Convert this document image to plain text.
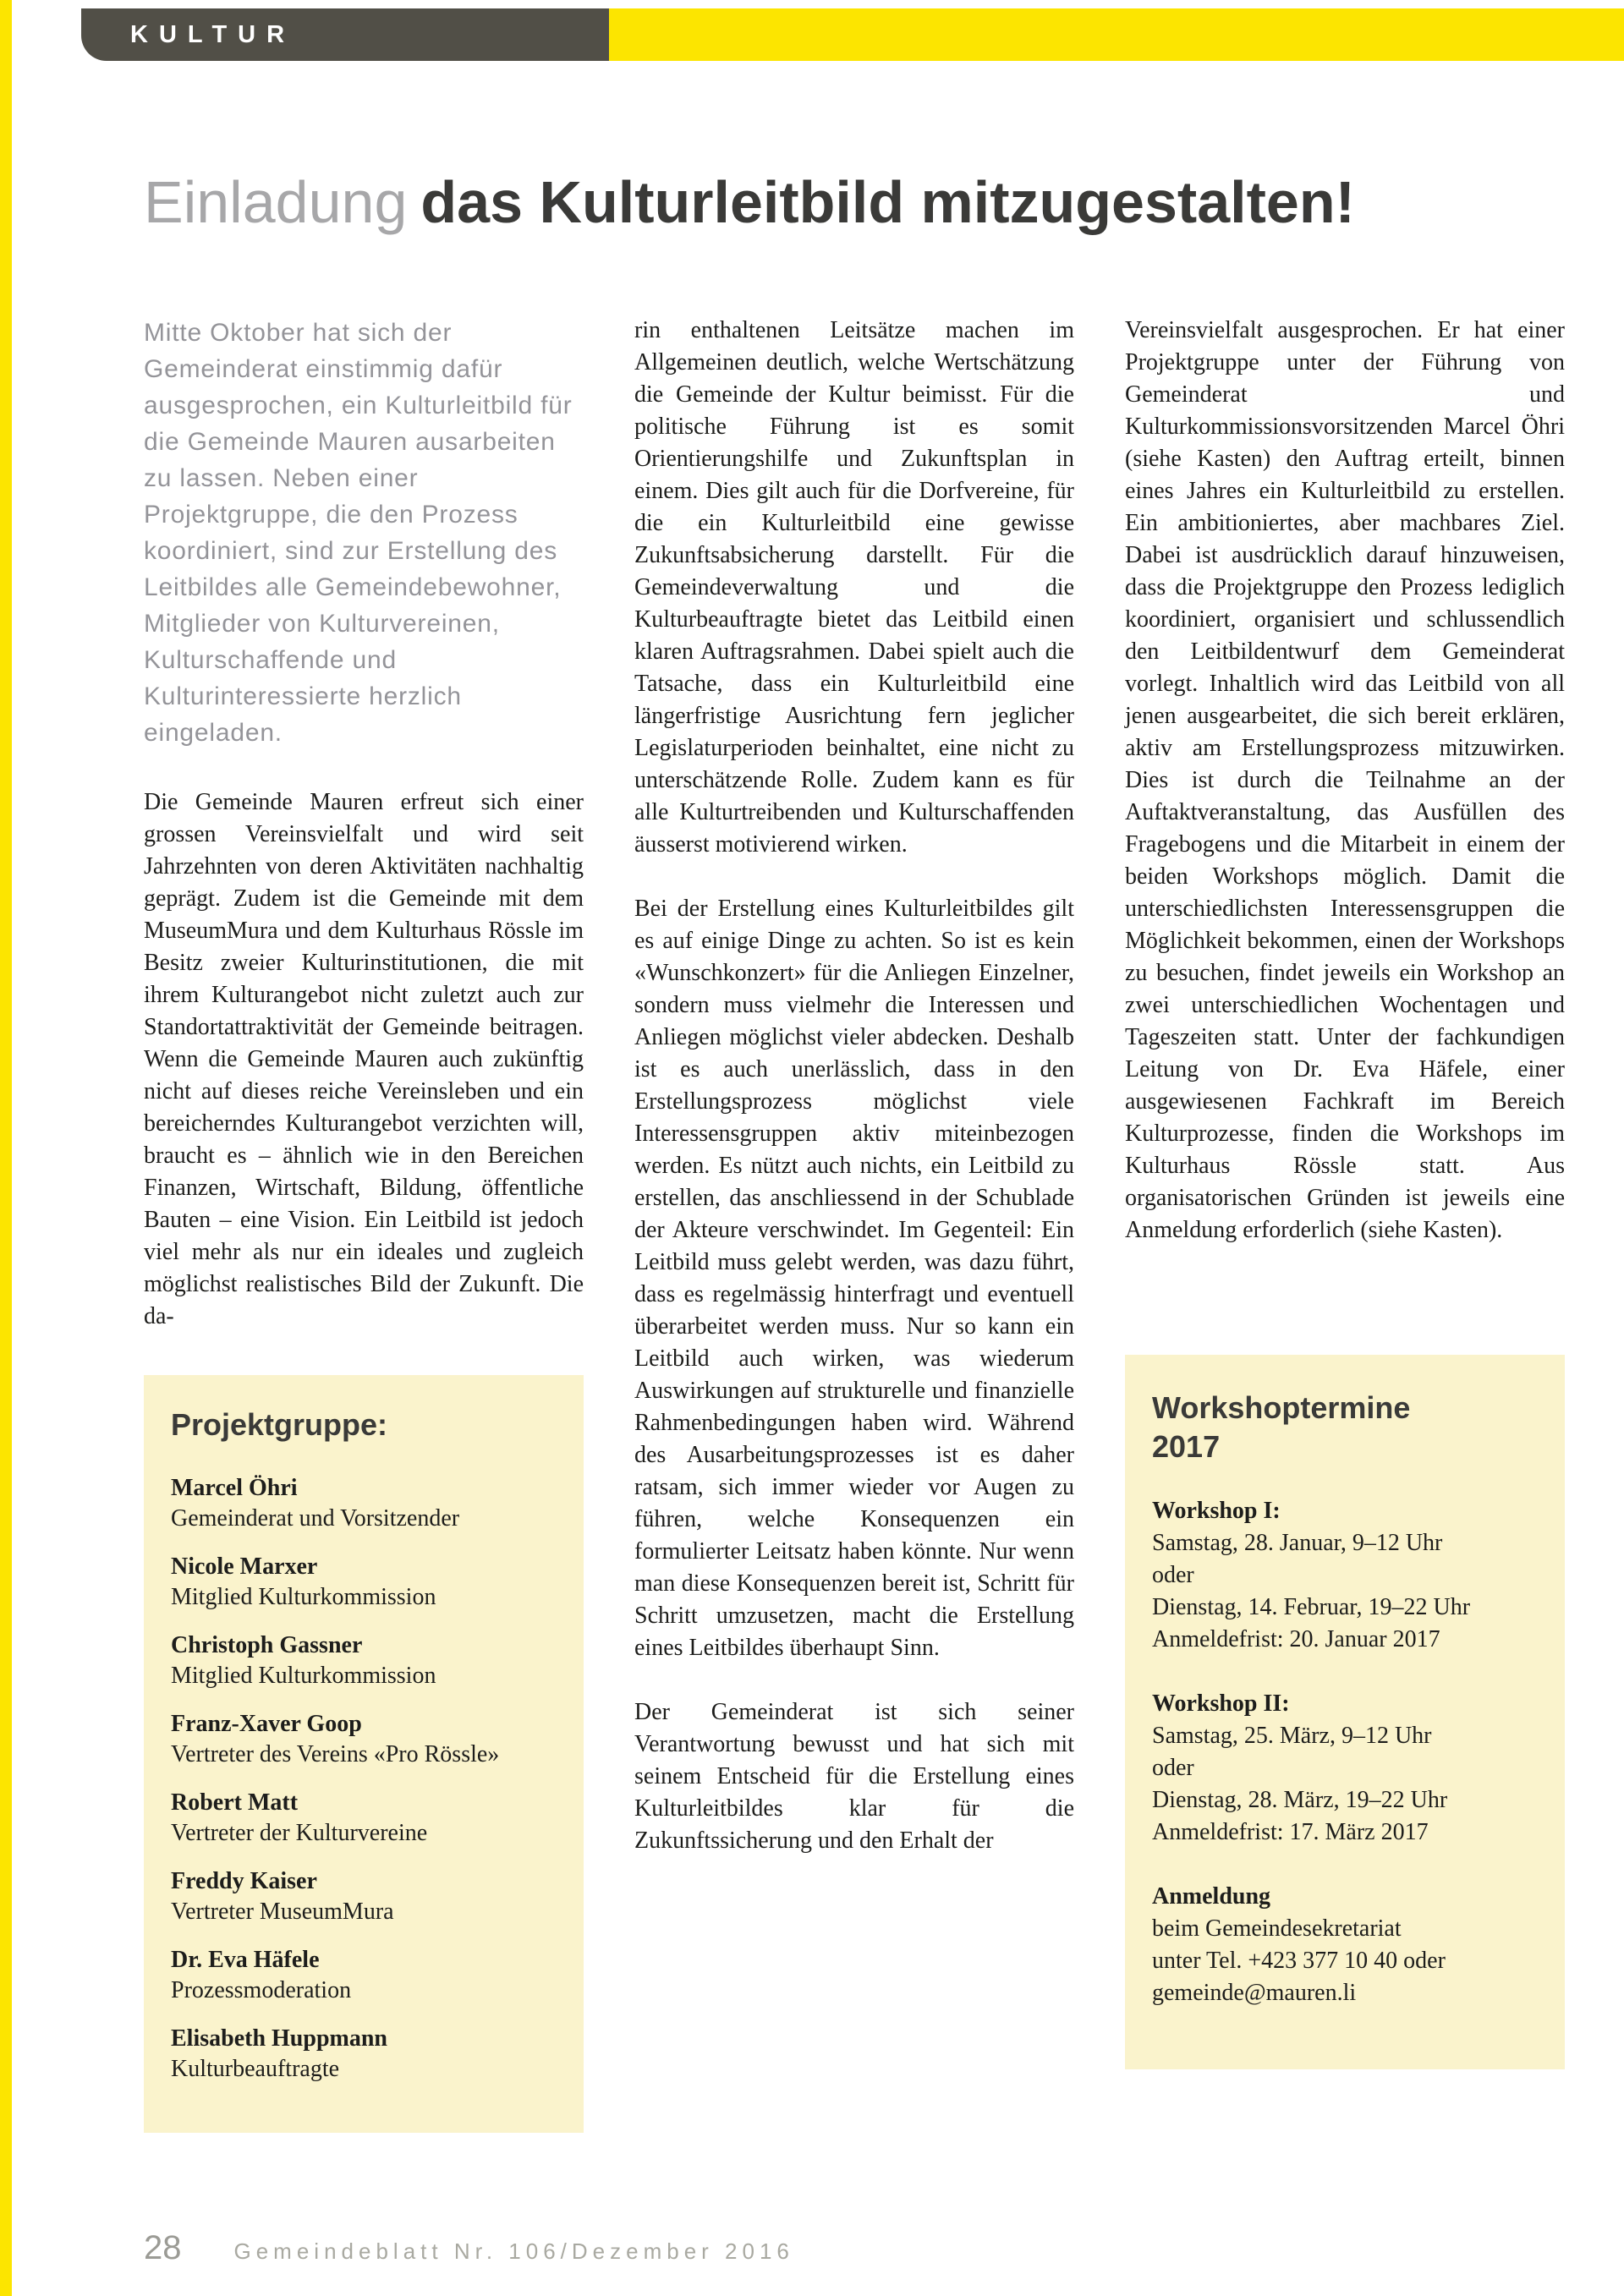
KULTUR
Einladung das Kulturleitbild mitzugestalten!

Mitte Oktober hat sich der Gemeinderat einstimmig dafür ausgesprochen, ein Kulturleitbild für die Gemeinde Mauren ausarbeiten zu lassen. Neben einer Projektgruppe, die den Prozess koordiniert, sind zur Erstellung des Leitbildes alle Gemeindebewohner, Mitglieder von Kulturvereinen, Kulturschaffende und Kulturinteressierte herzlich eingeladen.

Die Gemeinde Mauren erfreut sich einer grossen Vereinsvielfalt und wird seit Jahrzehnten von deren Aktivitäten nachhaltig geprägt. Zudem ist die Gemeinde mit dem MuseumMura und dem Kulturhaus Rössle im Besitz zweier Kulturinstitutionen, die mit ihrem Kulturangebot nicht zuletzt auch zur Standortattraktivität der Gemeinde beitragen. Wenn die Gemeinde Mauren auch zukünftig nicht auf dieses reiche Vereinsleben und ein bereicherndes Kulturangebot verzichten will, braucht es – ähnlich wie in den Bereichen Finanzen, Wirtschaft, Bildung, öffentliche Bauten – eine Vision. Ein Leitbild ist jedoch viel mehr als nur ein ideales und zugleich möglichst realistisches Bild der Zukunft. Die da-

Projektgruppe:
Marcel Öhri
Gemeinderat und Vorsitzender
Nicole Marxer
Mitglied Kulturkommission
Christoph Gassner
Mitglied Kulturkommission
Franz-Xaver Goop
Vertreter des Vereins «Pro Rössle»
Robert Matt
Vertreter der Kulturvereine
Freddy Kaiser
Vertreter MuseumMura
Dr. Eva Häfele
Prozessmoderation
Elisabeth Huppmann
Kulturbeauftragte

rin enthaltenen Leitsätze machen im Allgemeinen deutlich, welche Wertschätzung die Gemeinde der Kultur beimisst. Für die politische Führung ist es somit Orientierungshilfe und Zukunftsplan in einem. Dies gilt auch für die Dorfvereine, für die ein Kulturleitbild eine gewisse Zukunftsabsicherung darstellt. Für die Gemeindeverwaltung und die Kulturbeauftragte bietet das Leitbild einen klaren Auftragsrahmen. Dabei spielt auch die Tatsache, dass ein Kulturleitbild eine längerfristige Ausrichtung fern jeglicher Legislaturperioden beinhaltet, eine nicht zu unterschätzende Rolle. Zudem kann es für alle Kulturtreibenden und Kulturschaffenden äusserst motivierend wirken.

Bei der Erstellung eines Kulturleitbildes gilt es auf einige Dinge zu achten. So ist es kein «Wunschkonzert» für die Anliegen Einzelner, sondern muss vielmehr die Interessen und Anliegen möglichst vieler abdecken. Deshalb ist es auch unerlässlich, dass in den Erstellungsprozess möglichst viele Interessensgruppen aktiv miteinbezogen werden. Es nützt auch nichts, ein Leitbild zu erstellen, das anschliessend in der Schublade der Akteure verschwindet. Im Gegenteil: Ein Leitbild muss gelebt werden, was dazu führt, dass es regelmässig hinterfragt und eventuell überarbeitet werden muss. Nur so kann ein Leitbild auch wirken, was wiederum Auswirkungen auf strukturelle und finanzielle Rahmenbedingungen haben wird. Während des Ausarbeitungsprozesses ist es daher ratsam, sich immer wieder vor Augen zu führen, welche Konsequenzen ein formulierter Leitsatz haben könnte. Nur wenn man diese Konsequenzen bereit ist, Schritt für Schritt umzusetzen, macht die Erstellung eines Leitbildes überhaupt Sinn.

Der Gemeinderat ist sich seiner Verantwortung bewusst und hat sich mit seinem Entscheid für die Erstellung eines Kulturleitbildes klar für die Zukunftssicherung und den Erhalt der

Vereinsvielfalt ausgesprochen. Er hat einer Projektgruppe unter der Führung von Gemeinderat und Kulturkommissionsvorsitzenden Marcel Öhri (siehe Kasten) den Auftrag erteilt, binnen eines Jahres ein Kulturleitbild zu erstellen. Ein ambitioniertes, aber machbares Ziel. Dabei ist ausdrücklich darauf hinzuweisen, dass die Projektgruppe den Prozess lediglich koordiniert, organisiert und schlussendlich den Leitbildentwurf dem Gemeinderat vorlegt. Inhaltlich wird das Leitbild von all jenen ausgearbeitet, die sich bereit erklären, aktiv am Erstellungsprozess mitzuwirken. Dies ist durch die Teilnahme an der Auftaktveranstaltung, das Ausfüllen des Fragebogens und die Mitarbeit in einem der beiden Workshops möglich. Damit die unterschiedlichsten Interessensgruppen die Möglichkeit bekommen, einen der Workshops zu besuchen, findet jeweils ein Workshop an zwei unterschiedlichen Wochentagen und Tageszeiten statt. Unter der fachkundigen Leitung von Dr. Eva Häfele, einer ausgewiesenen Fachkraft im Bereich Kulturprozesse, finden die Workshops im Kulturhaus Rössle statt. Aus organisatorischen Gründen ist jeweils eine Anmeldung erforderlich (siehe Kasten).

Workshoptermine
2017
Workshop I:
Samstag, 28. Januar, 9–12 Uhr
oder
Dienstag, 14. Februar, 19–22 Uhr
Anmeldefrist: 20. Januar 2017
Workshop II:
Samstag, 25. März, 9–12 Uhr
oder
Dienstag, 28. März, 19–22 Uhr
Anmeldefrist: 17. März 2017
Anmeldung
beim Gemeindesekretariat
unter Tel. +423 377 10 40 oder
gemeinde@mauren.li
28 Gemeindeblatt Nr. 106/Dezember 2016
